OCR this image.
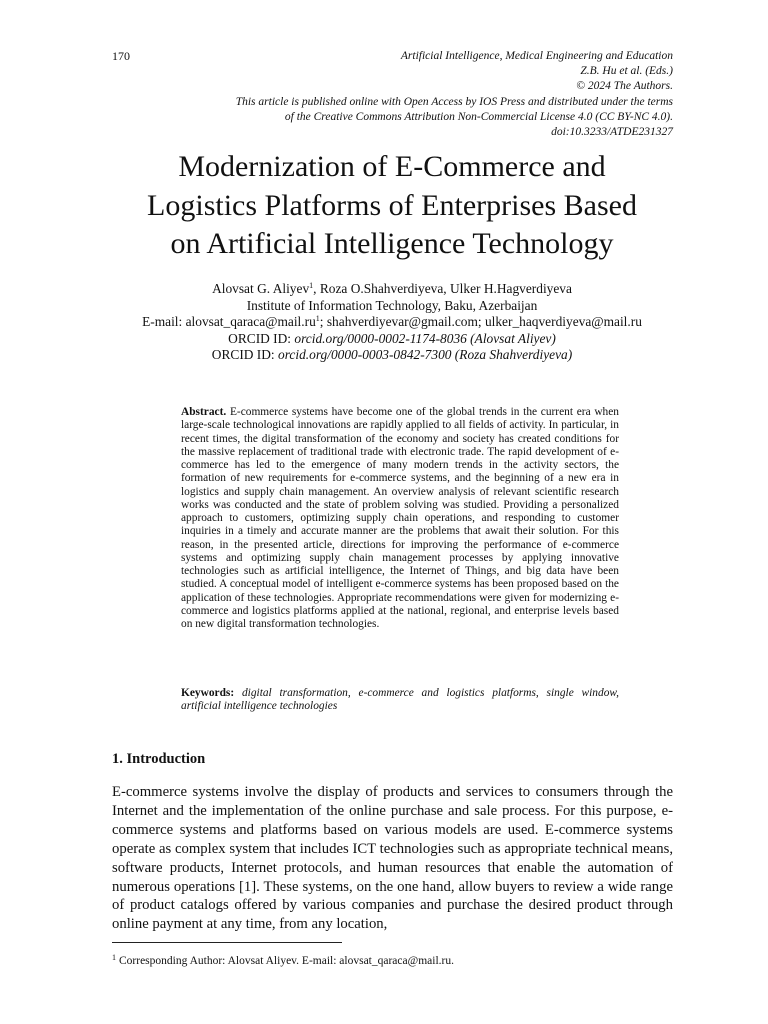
170	Artificial Intelligence, Medical Engineering and Education
Z.B. Hu et al. (Eds.)
© 2024 The Authors.
This article is published online with Open Access by IOS Press and distributed under the terms
of the Creative Commons Attribution Non-Commercial License 4.0 (CC BY-NC 4.0).
doi:10.3233/ATDE231327
Modernization of E-Commerce and
Logistics Platforms of Enterprises Based
on Artificial Intelligence Technology
Alovsat G. Aliyev$^1$, Roza O.Shahverdiyeva, Ulker H.Hagverdiyeva
Institute of Information Technology, Baku, Azerbaijan
E-mail: $alovsat\_qaraca@mail.ru^1$; shahverdiyevar@gmail.com; ulker_haqverdiyeva@mail.ru
ORCID ID: orcid.org/0000-0002-1174-8036 (Alovsat Aliyev)
ORCID ID: orcid.org/0000-0003-0842-7300 (Roza Shahverdiyeva)
Abstract. E-commerce systems have become one of the global trends in the current era when large-scale technological innovations are rapidly applied to all fields of activity. In particular, in recent times, the digital transformation of the economy and society has created conditions for the massive replacement of traditional trade with electronic trade. The rapid development of e-commerce has led to the emergence of many modern trends in the activity sectors, the formation of new requirements for e-commerce systems, and the beginning of a new era in logistics and supply chain management. An overview analysis of relevant scientific research works was conducted and the state of problem solving was studied. Providing a personalized approach to customers, optimizing supply chain operations, and responding to customer inquiries in a timely and accurate manner are the problems that await their solution. For this reason, in the presented article, directions for improving the performance of e-commerce systems and optimizing supply chain management processes by applying innovative technologies such as artificial intelligence, the Internet of Things, and big data have been studied. A conceptual model of intelligent e-commerce systems has been proposed based on the application of these technologies. Appropriate recommendations were given for modernizing e-commerce and logistics platforms applied at the national, regional, and enterprise levels based on new digital transformation technologies.
Keywords: digital transformation, e-commerce and logistics platforms, single window, artificial intelligence technologies
1. Introduction
E-commerce systems involve the display of products and services to consumers through the Internet and the implementation of the online purchase and sale process. For this purpose, e-commerce systems and platforms based on various models are used. E-commerce systems operate as complex system that includes ICT technologies such as appropriate technical means, software products, Internet protocols, and human resources that enable the automation of numerous operations [1]. These systems, on the one hand, allow buyers to review a wide range of product catalogs offered by various companies and purchase the desired product through online payment at any time, from any location,
$^1$ Corresponding Author: Alovsat Aliyev. E-mail: alovsat_qaraca@mail.ru.
